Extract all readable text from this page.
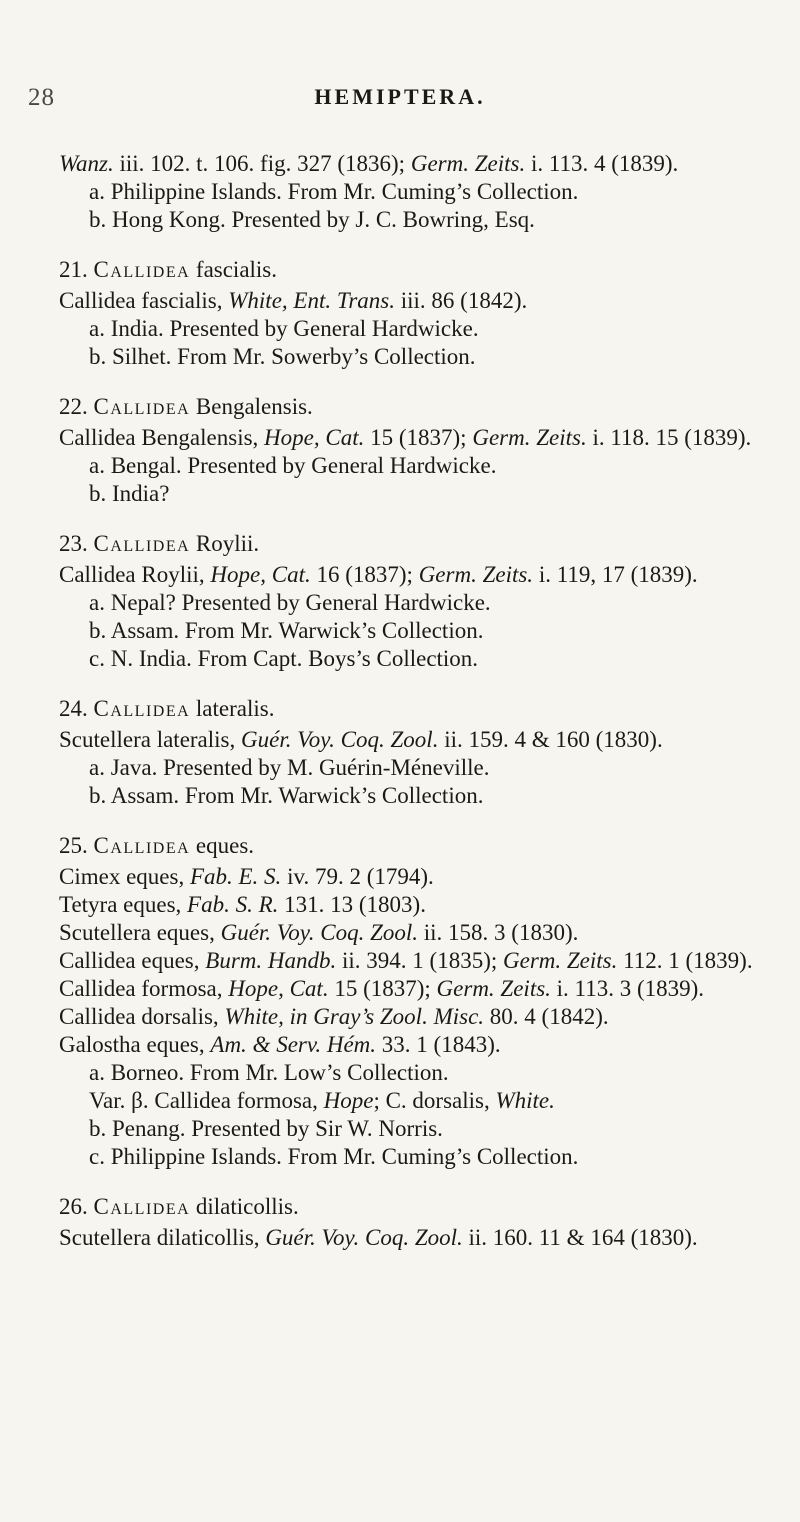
28	HEMIPTERA.

Wanz. iii. 102. t. 106. fig. 327 (1836); Germ. Zeits. i. 113. 4 (1839).

a. Philippine Islands. From Mr. Cuming’s Collection.

b. Hong Kong. Presented by J. C. Bowring, Esq.

21. Callidea fascialis.

Callidea fascialis, White, Ent. Trans. iii. 86 (1842).

a. India. Presented by General Hardwicke.

b. Silhet. From Mr. Sowerby’s Collection.

22. Callidea Bengalensis.

Callidea Bengalensis, Hope, Cat. 15 (1837); Germ. Zeits. i. 118. 15 (1839).

a. Bengal. Presented by General Hardwicke.

b. India?

23. Callidea Roylii.

Callidea Roylii, Hope, Cat. 16 (1837); Germ. Zeits. i. 119, 17 (1839).

a. Nepal? Presented by General Hardwicke.

b. Assam. From Mr. Warwick’s Collection.

c. N. India. From Capt. Boys’s Collection.

24. Callidea lateralis.

Scutellera lateralis, Guér. Voy. Coq. Zool. ii. 159. 4 & 160 (1830).

a. Java. Presented by M. Guérin-Méneville.

b. Assam. From Mr. Warwick’s Collection.

25. Callidea eques.

Cimex eques, Fab. E. S. iv. 79. 2 (1794).

Tetyra eques, Fab. S. R. 131. 13 (1803).

Scutellera eques, Guér. Voy. Coq. Zool. ii. 158. 3 (1830).

Callidea eques, Burm. Handb. ii. 394. 1 (1835); Germ. Zeits. 112. 1 (1839).

Callidea formosa, Hope, Cat. 15 (1837); Germ. Zeits. i. 113. 3 (1839).

Callidea dorsalis, White, in Gray’s Zool. Misc. 80. 4 (1842).

Galostha eques, Am. & Serv. Hém. 33. 1 (1843).

a. Borneo. From Mr. Low’s Collection.

Var. β. Callidea formosa, Hope; C. dorsalis, White.

b. Penang. Presented by Sir W. Norris.

c. Philippine Islands. From Mr. Cuming’s Collection.

26. Callidea dilaticollis.

Scutellera dilaticollis, Guér. Voy. Coq. Zool. ii. 160. 11 & 164 (1830).
